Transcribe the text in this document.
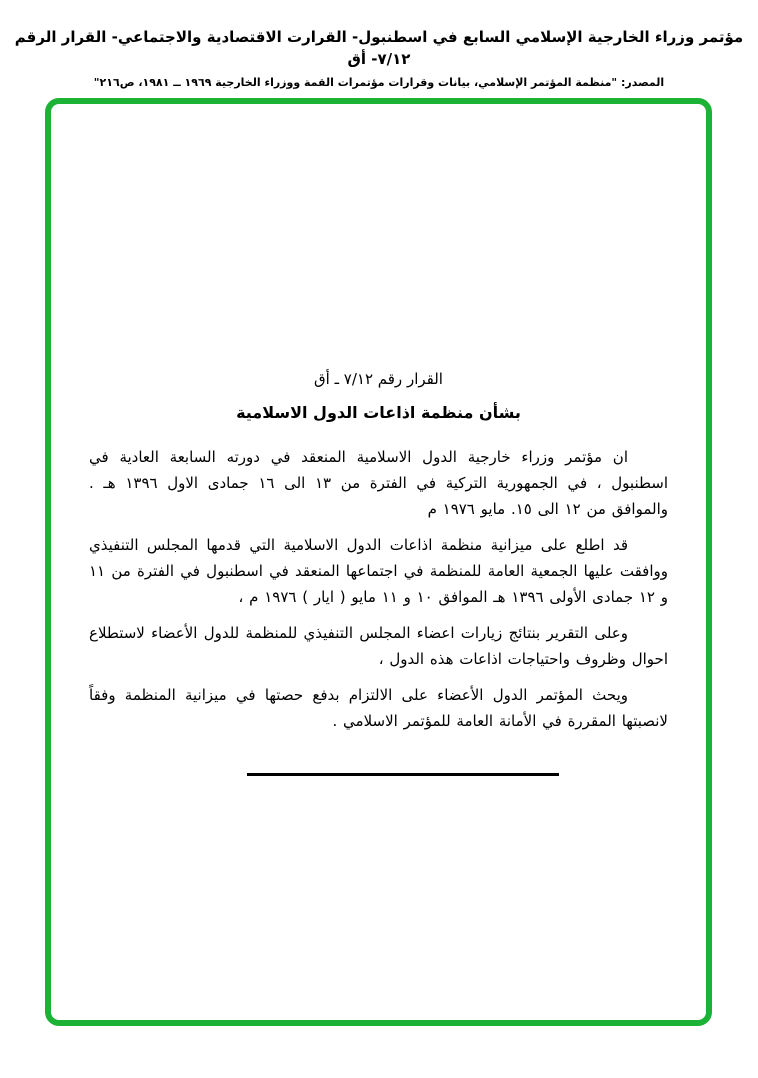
مؤتمر وزراء الخارجية الإسلامي السابع في اسطنبول- القرارت الاقتصادية والاجتماعي- القرار الرقم ٧/١٢- أق
المصدر: "منظمة المؤتمر الإسلامي، بيانات وقرارات مؤتمرات القمة ووزراء الخارجية ١٩٦٩ ــ ١٩٨١، ص٢١٦"
القرار رقم ٧/١٢ ـ أق
بشأن منظمة اذاعات الدول الاسلامية

ان مؤتمر وزراء خارجية الدول الاسلامية المنعقد في دورته السابعة العادية في اسطنبول ، في الجمهورية التركية في الفترة من ١٣ الى ١٦ جمادى الاول ١٣٩٦ هـ . والموافق من ١٢ الى ١٥. مايو ١٩٧٦ م

قد اطلع على ميزانية منظمة اذاعات الدول الاسلامية التي قدمها المجلس التنفيذي ووافقت عليها الجمعية العامة للمنظمة في اجتماعها المنعقد في اسطنبول في الفترة من ١١ و ١٢ جمادى الأولى ١٣٩٦ هـ الموافق ١٠ و ١١ مايو ( ايار ) ١٩٧٦ م ،

وعلى التقرير بنتائج زيارات اعضاء المجلس التنفيذي للمنظمة للدول الأعضاء لاستطلاع احوال وظروف واحتياجات اذاعات هذه الدول ،

ويحث المؤتمر الدول الأعضاء على الالتزام بدفع حصتها في ميزانية المنظمة وفقاً لانصبتها المقررة في الأمانة العامة للمؤتمر الاسلامي .
